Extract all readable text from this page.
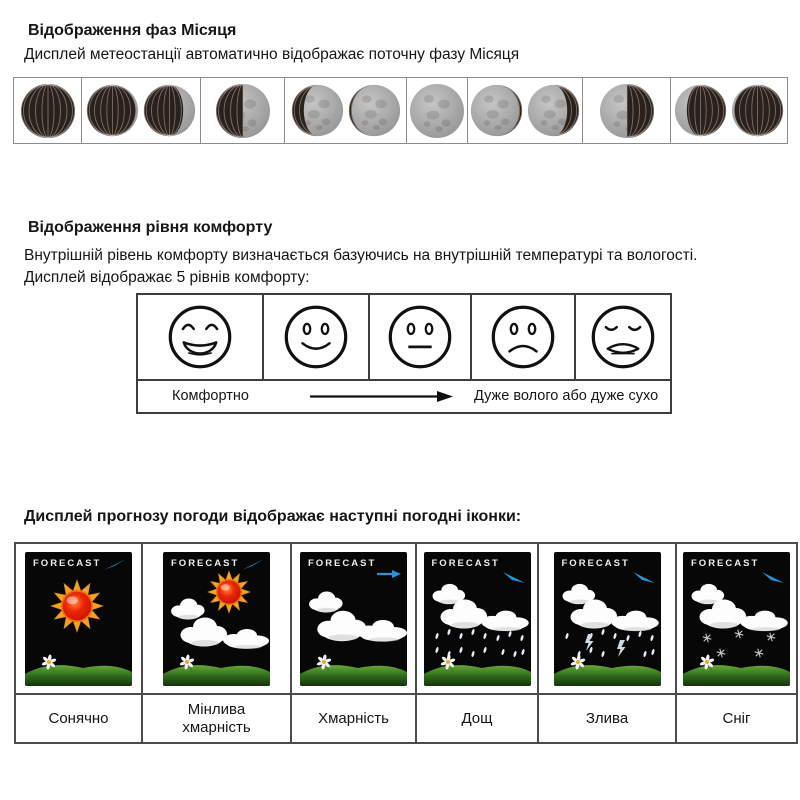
Відображення фаз Місяця
Дисплей метеостанції автоматично відображає поточну фазу Місяця
Відображення рівня комфорту
Внутрішній рівень комфорту визначається базуючись на внутрішній температурі та вологості.
Дисплей відображає 5 рівнів комфорту:
Комфортно	Дуже волого або дуже сухо
Дисплей прогнозу погоди відображає наступні погодні іконки:
FORECAST
Сонячно
FORECAST
Мінлива хмарність
FORECAST
Хмарність
FORECAST
Дощ
FORECAST
Злива
FORECAST
Сніг
